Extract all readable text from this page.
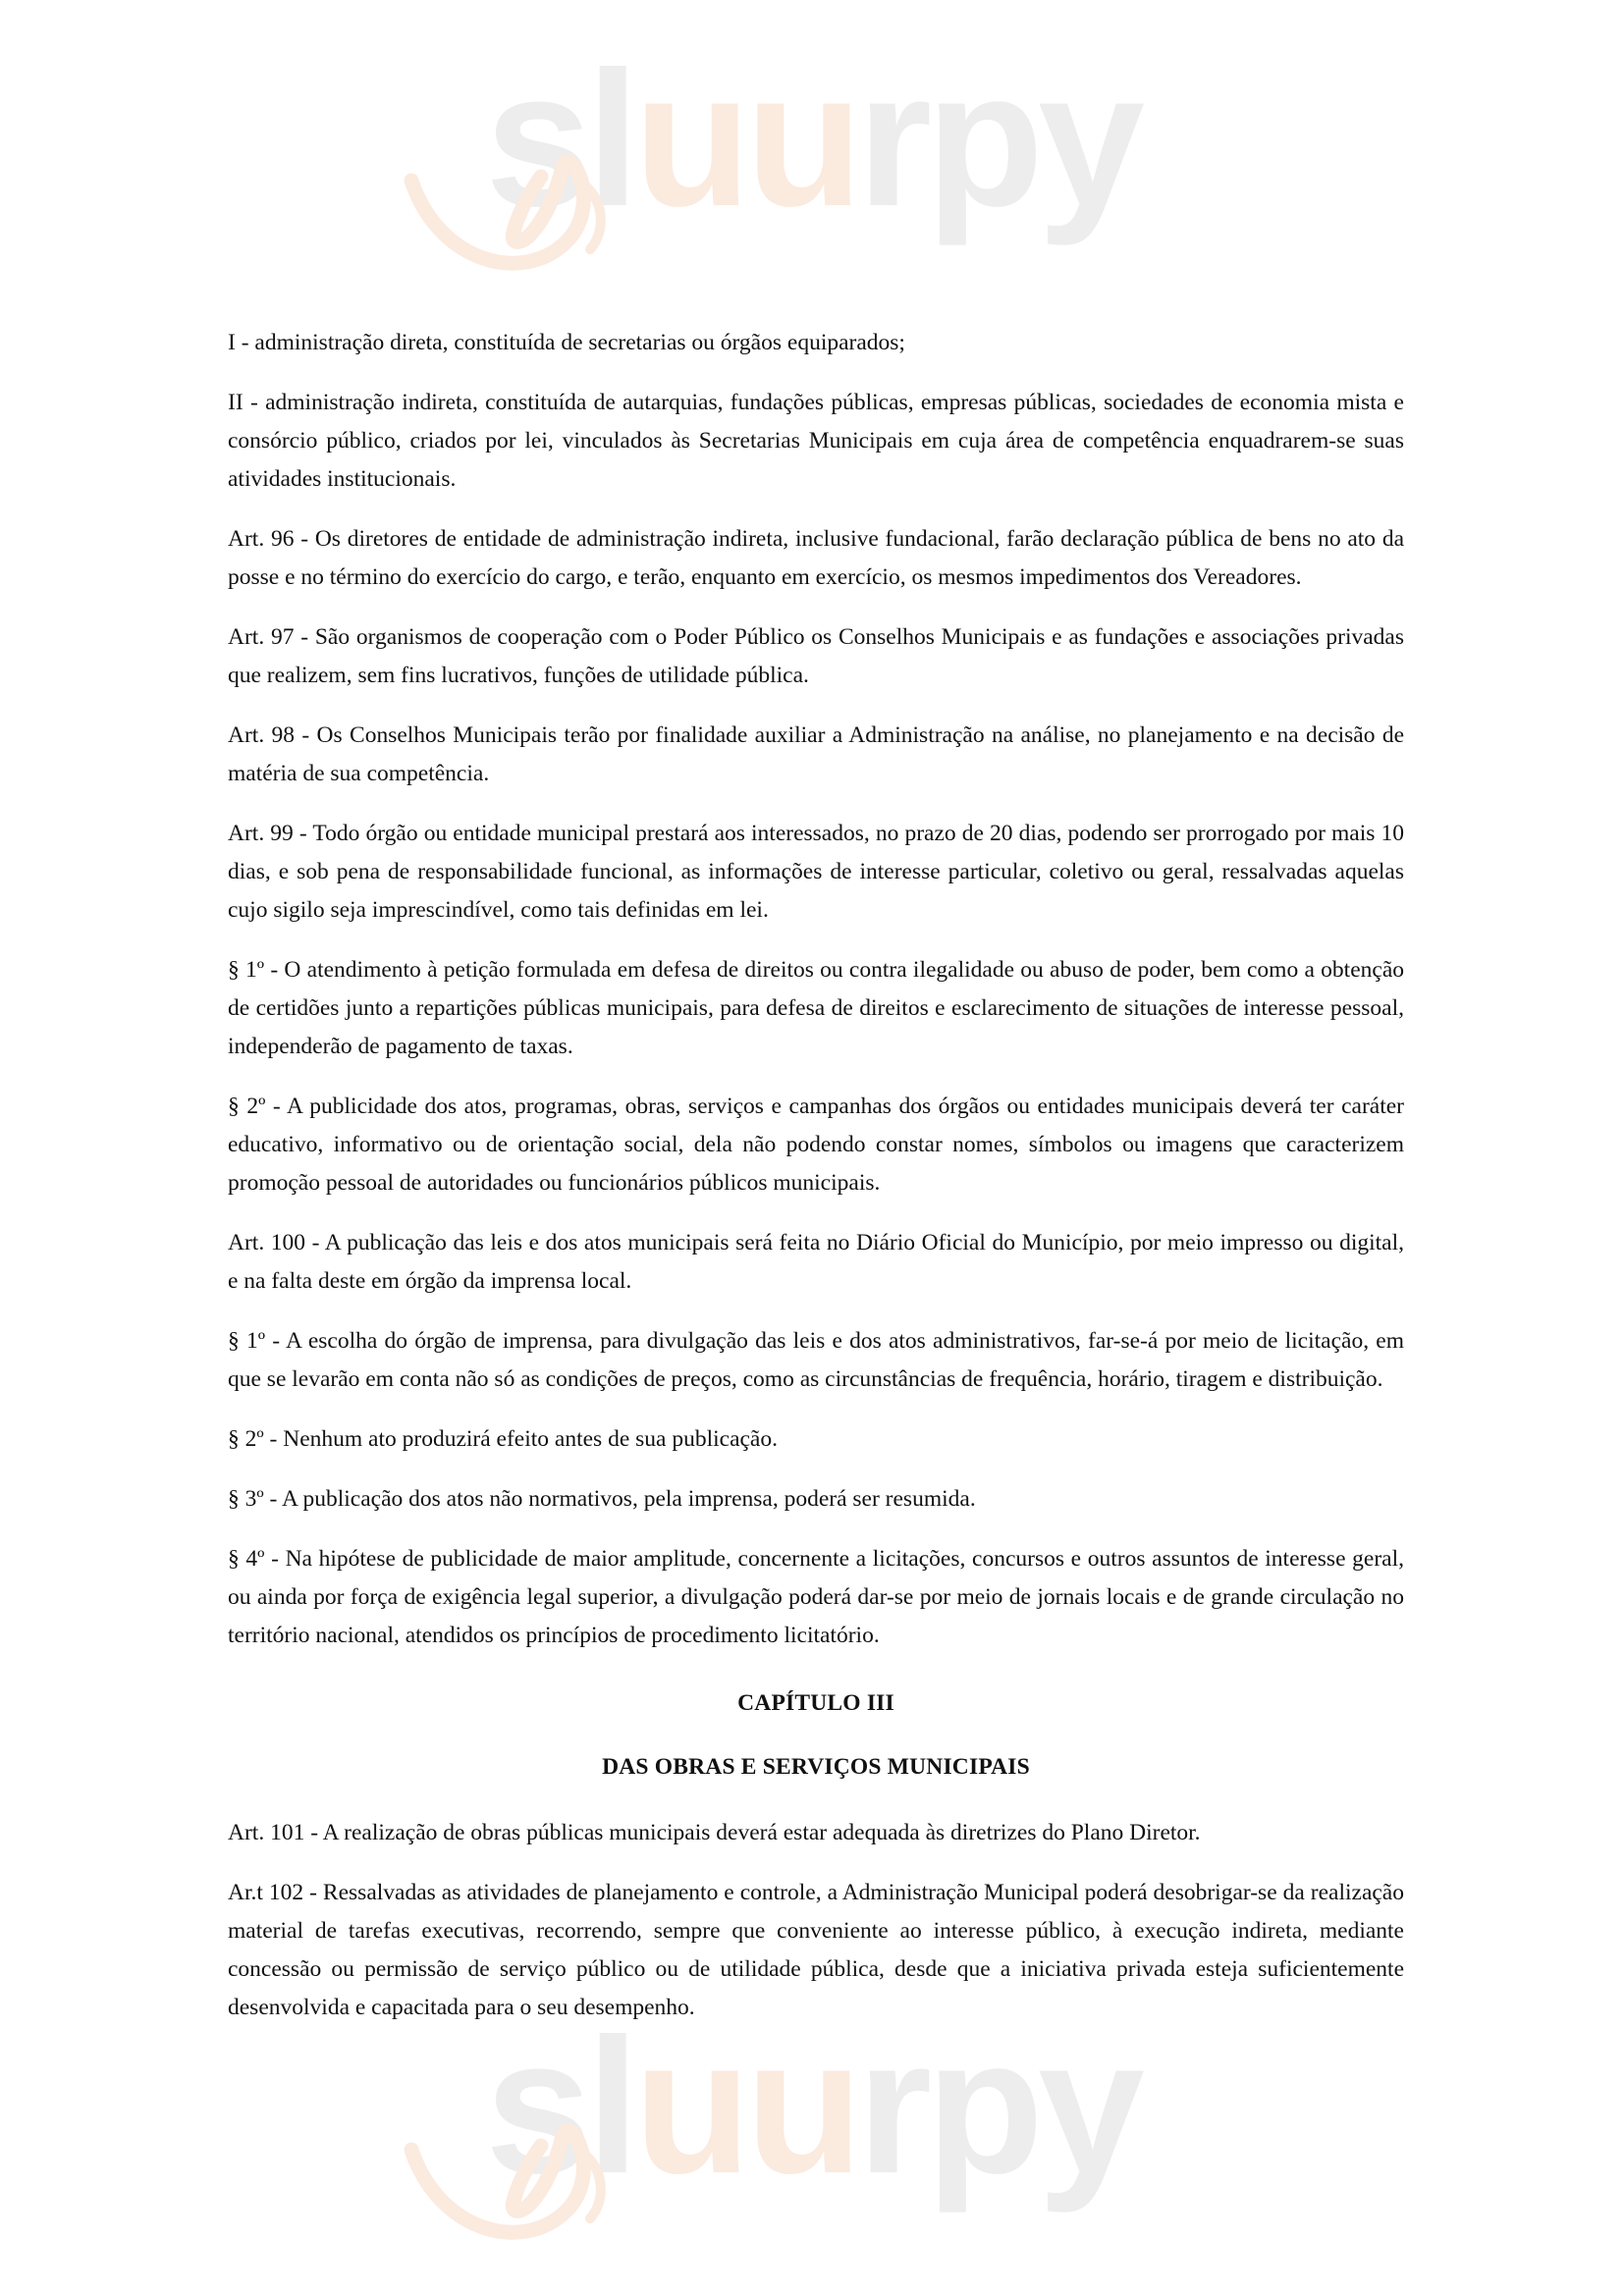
sluurpy
sluurpy

I - administração direta, constituída de secretarias ou órgãos equiparados;

II - administração indireta, constituída de autarquias, fundações públicas, empresas públicas, sociedades de economia mista e consórcio público, criados por lei, vinculados às Secretarias Municipais em cuja área de competência enquadrarem-se suas atividades institucionais.

Art. 96 - Os diretores de entidade de administração indireta, inclusive fundacional, farão declaração pública de bens no ato da posse e no término do exercício do cargo, e terão, enquanto em exercício, os mesmos impedimentos dos Vereadores.

Art. 97 - São organismos de cooperação com o Poder Público os Conselhos Municipais e as fundações e associações privadas que realizem, sem fins lucrativos, funções de utilidade pública.

Art. 98 - Os Conselhos Municipais terão por finalidade auxiliar a Administração na análise, no planejamento e na decisão de matéria de sua competência.

Art. 99 - Todo órgão ou entidade municipal prestará aos interessados, no prazo de 20 dias, podendo ser prorrogado por mais 10 dias, e sob pena de responsabilidade funcional, as informações de interesse particular, coletivo ou geral, ressalvadas aquelas cujo sigilo seja imprescindível, como tais definidas em lei.

§ 1º - O atendimento à petição formulada em defesa de direitos ou contra ilegalidade ou abuso de poder, bem como a obtenção de certidões junto a repartições públicas municipais, para defesa de direitos e esclarecimento de situações de interesse pessoal, independerão de pagamento de taxas.

§ 2º - A publicidade dos atos, programas, obras, serviços e campanhas dos órgãos ou entidades municipais deverá ter caráter educativo, informativo ou de orientação social, dela não podendo constar nomes, símbolos ou imagens que caracterizem promoção pessoal de autoridades ou funcionários públicos municipais.

Art. 100 - A publicação das leis e dos atos municipais será feita no Diário Oficial do Município, por meio impresso ou digital, e na falta deste em órgão da imprensa local.

§ 1º - A escolha do órgão de imprensa, para divulgação das leis e dos atos administrativos, far-se-á por meio de licitação, em que se levarão em conta não só as condições de preços, como as circunstâncias de frequência, horário, tiragem e distribuição.

§ 2º - Nenhum ato produzirá efeito antes de sua publicação.

§ 3º - A publicação dos atos não normativos, pela imprensa, poderá ser resumida.

§ 4º - Na hipótese de publicidade de maior amplitude, concernente a licitações, concursos e outros assuntos de interesse geral, ou ainda por força de exigência legal superior, a divulgação poderá dar-se por meio de jornais locais e de grande circulação no território nacional, atendidos os princípios de procedimento licitatório.

CAPÍTULO III
DAS OBRAS E SERVIÇOS MUNICIPAIS

Art. 101 - A realização de obras públicas municipais deverá estar adequada às diretrizes do Plano Diretor.

Ar.t 102 - Ressalvadas as atividades de planejamento e controle, a Administração Municipal poderá desobrigar-se da realização material de tarefas executivas, recorrendo, sempre que conveniente ao interesse público, à execução indireta, mediante concessão ou permissão de serviço público ou de utilidade pública, desde que a iniciativa privada esteja suficientemente desenvolvida e capacitada para o seu desempenho.
